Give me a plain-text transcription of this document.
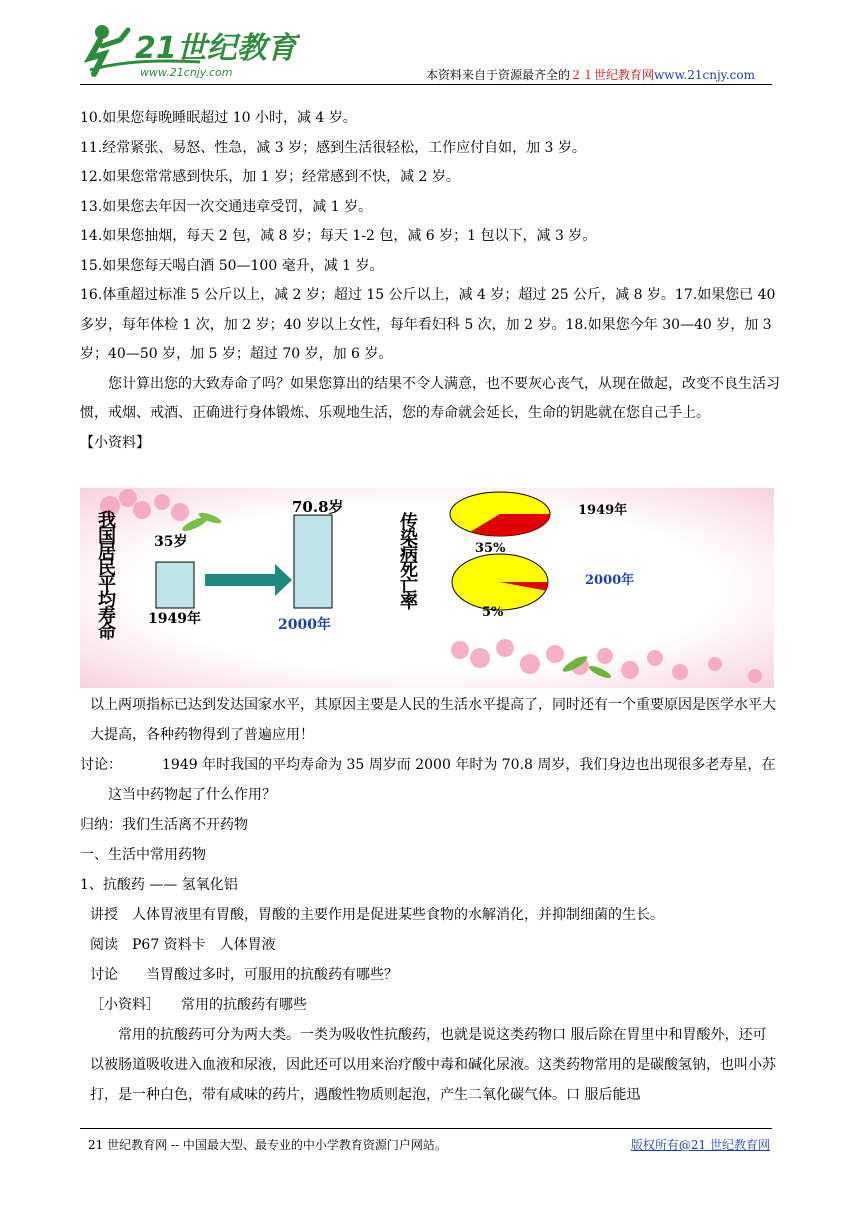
21世纪教育
www.21cnjy.com	本资料来自于资源最齐全的２１世纪教育网www.21cnjy.com

10.如果您每晚睡眠超过 10 小时，减 4 岁。

11.经常紧张、易怒、性急，减 3 岁；感到生活很轻松，工作应付自如，加 3 岁。

12.如果您常常感到快乐，加 1 岁；经常感到不快，减 2 岁。

13.如果您去年因一次交通违章受罚，减 1 岁。

14.如果您抽烟，每天 2 包，减 8 岁；每天 1-2 包，减 6 岁；1 包以下，减 3 岁。

15.如果您每天喝白酒 50—100 毫升，减 1 岁。

16.体重超过标准 5 公斤以上，减 2 岁；超过 15 公斤以上，减 4 岁；超过 25 公斤，减 8 岁。17.如果您已 40 多岁，每年体检 1 次，加 2 岁；40 岁以上女性，每年看妇科 5 次，加 2 岁。18.如果您今年 30—40 岁，加 3 岁；40—50 岁，加 5 岁；超过 70 岁，加 6 岁。

您计算出您的大致寿命了吗？如果您算出的结果不令人满意，也不要灰心丧气，从现在做起，改变不良生活习惯，戒烟、戒酒、正确进行身体锻炼、乐观地生活，您的寿命就会延长，生命的钥匙就在您自己手上。

【小资料】

我国居民平均寿命
35岁
1949年
70.8岁
2000年
传染病死亡率
35%
1949年
5%
2000年

以上两项指标已达到发达国家水平，其原因主要是人民的生活水平提高了，同时还有一个重要原因是医学水平大大提高，各种药物得到了普遍应用！

讨论：	1949 年时我国的平均寿命为 35 周岁而 2000 年时为 70.8 周岁，我们身边也出现很多老寿星，在这当中药物起了什么作用？

归纳：我们生活离不开药物

一、生活中常用药物

1、抗酸药 —— 氢氧化铝

讲授　人体胃液里有胃酸，胃酸的主要作用是促进某些食物的水解消化，并抑制细菌的生长。

阅读　P67 资料卡　人体胃液

讨论　　当胃酸过多时，可服用的抗酸药有哪些？

［小资料］　　常用的抗酸药有哪些

常用的抗酸药可分为两大类。一类为吸收性抗酸药，也就是说这类药物口 服后除在胃里中和胃酸外，还可以被肠道吸收进入血液和尿液，因此还可以用来治疗酸中毒和碱化尿液。这类药物常用的是碳酸氢钠，也叫小苏打，是一种白色，带有咸味的药片，遇酸性物质则起泡，产生二氧化碳气体。口 服后能迅

21 世纪教育网 -- 中国最大型、最专业的中小学教育资源门户网站。	版权所有@21 世纪教育网
